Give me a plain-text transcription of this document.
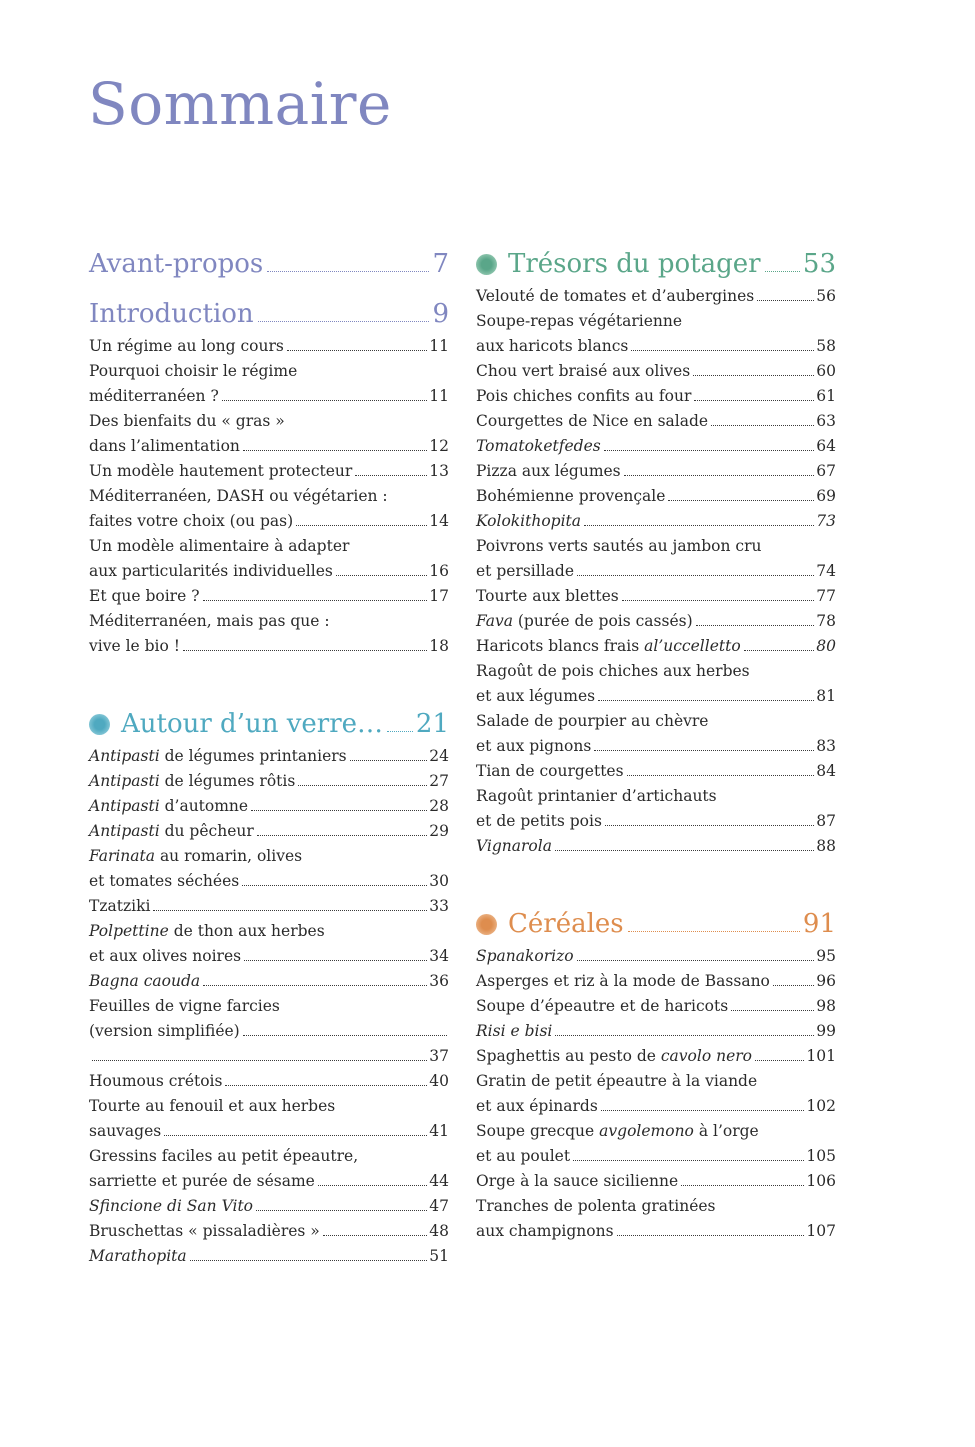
Sommaire
Avant-propos	7
Introduction	9
Un régime au long cours	11
Pourquoi choisir le régime
méditerranéen ?	11
Des bienfaits du « gras »
dans l’alimentation	12
Un modèle hautement protecteur	13
Méditerranéen, DASH ou végétarien :
faites votre choix (ou pas)	14
Un modèle alimentaire à adapter
aux particularités individuelles	16
Et que boire ?	17
Méditerranéen, mais pas que :
vive le bio !	18
Autour d’un verre… 21
Antipasti de légumes printaniers	24
Antipasti de légumes rôtis	27
Antipasti d’automne	28
Antipasti du pêcheur	29
Farinata au romarin, olives
et tomates séchées	30
Tzatziki	33
Polpettine de thon aux herbes
et aux olives noires	34
Bagna caouda	36
Feuilles de vigne farcies
(version simplifiée)
37
Houmous crétois	40
Tourte au fenouil et aux herbes
sauvages	41
Gressins faciles au petit épeautre,
sarriette et purée de sésame	44
Sfincione di San Vito	47
Bruschettas « pissaladières »	48
Marathopita	51
Trésors du potager 53
Velouté de tomates et d’aubergines	56
Soupe-repas végétarienne
aux haricots blancs	58
Chou vert braisé aux olives	60
Pois chiches confits au four	61
Courgettes de Nice en salade	63
Tomatoketfedes	64
Pizza aux légumes	67
Bohémienne provençale	69
Kolokithopita	73
Poivrons verts sautés au jambon cru
et persillade	74
Tourte aux blettes	77
Fava (purée de pois cassés)	78
Haricots blancs frais al’uccelletto	80
Ragoût de pois chiches aux herbes
et aux légumes	81
Salade de pourpier au chèvre
et aux pignons	83
Tian de courgettes	84
Ragoût printanier d’artichauts
et de petits pois	87
Vignarola	88
Céréales	91
Spanakorizo	95
Asperges et riz à la mode de Bassano	96
Soupe d’épeautre et de haricots	98
Risi e bisi	99
Spaghettis au pesto de cavolo nero	101
Gratin de petit épeautre à la viande
et aux épinards	102
Soupe grecque avgolemono à l’orge
et au poulet	105
Orge à la sauce sicilienne	106
Tranches de polenta gratinées
aux champignons	107
